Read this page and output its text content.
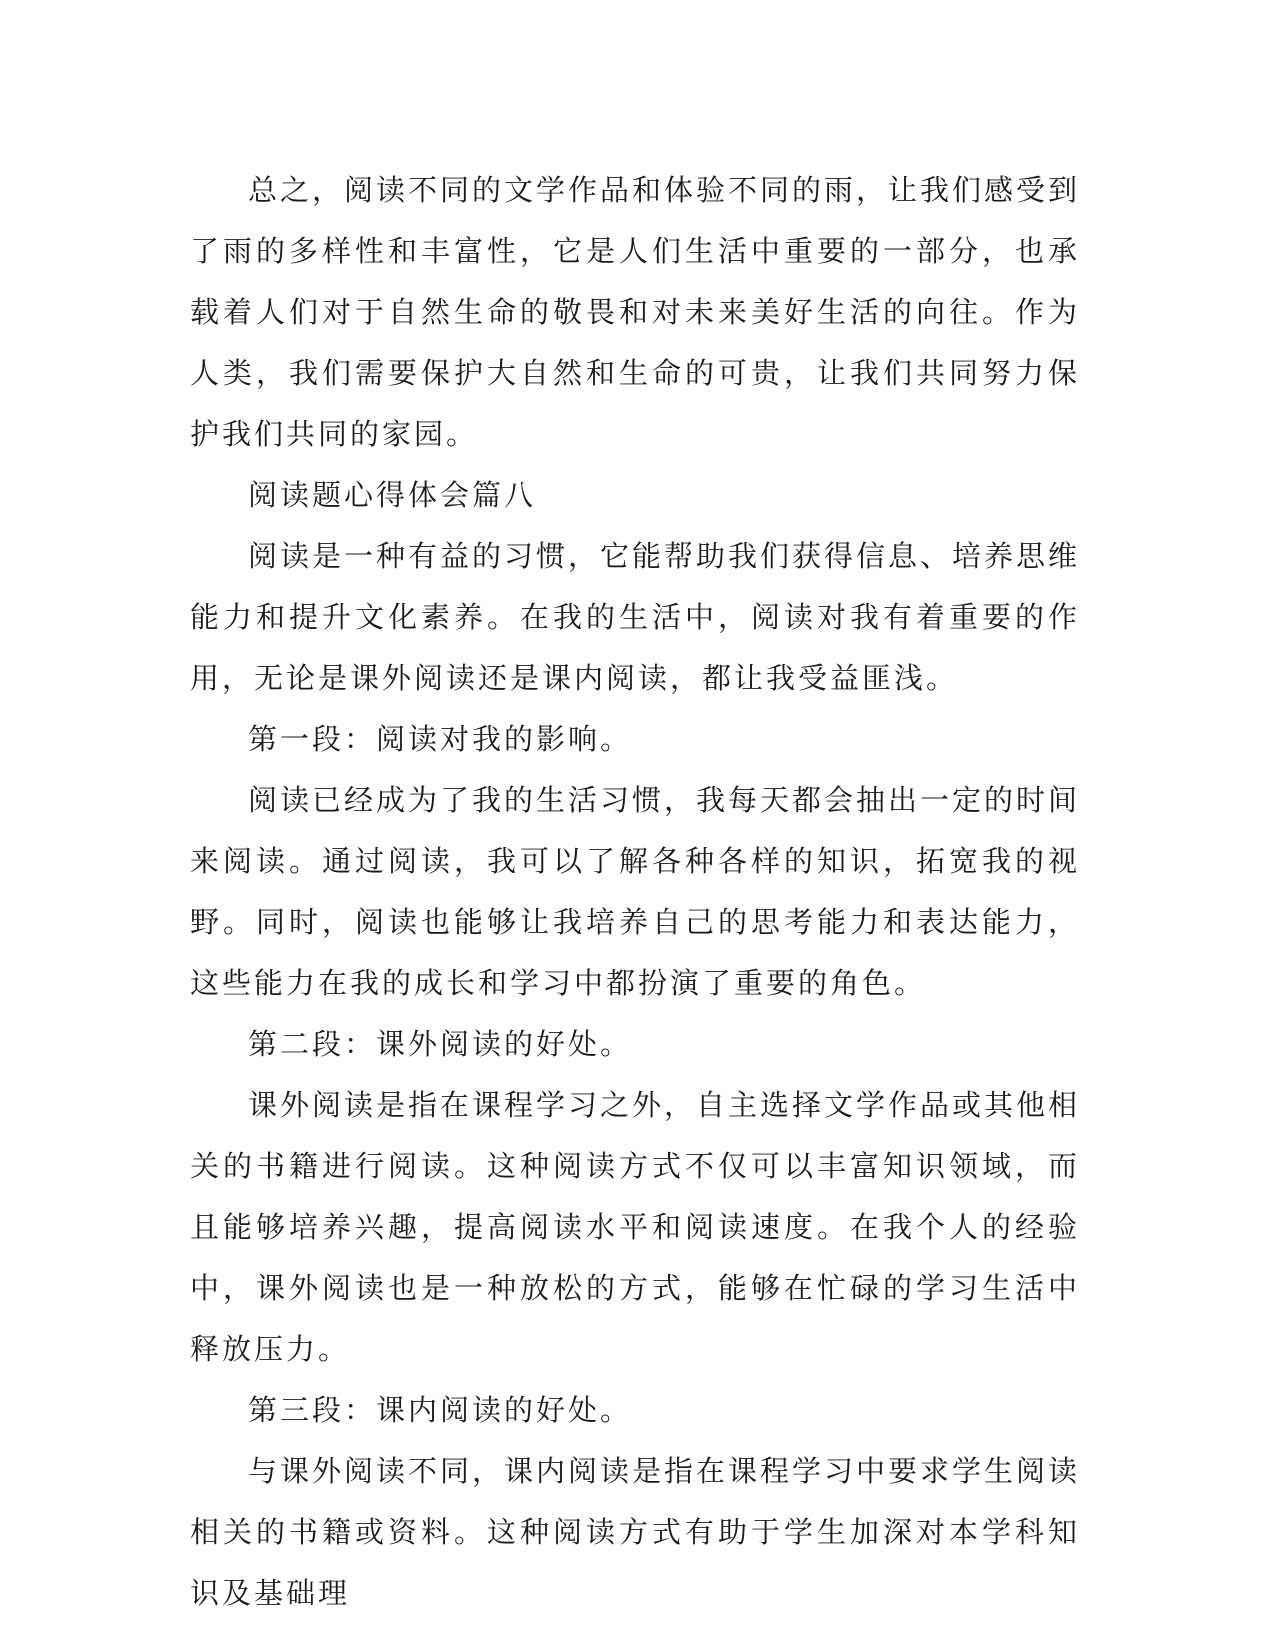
总之，阅读不同的文学作品和体验不同的雨，让我们感受到了雨的多样性和丰富性，它是人们生活中重要的一部分，也承载着人们对于自然生命的敬畏和对未来美好生活的向往。作为人类，我们需要保护大自然和生命的可贵，让我们共同努力保护我们共同的家园。

阅读题心得体会篇八

阅读是一种有益的习惯，它能帮助我们获得信息、培养思维能力和提升文化素养。在我的生活中，阅读对我有着重要的作用，无论是课外阅读还是课内阅读，都让我受益匪浅。

第一段：阅读对我的影响。

阅读已经成为了我的生活习惯，我每天都会抽出一定的时间来阅读。通过阅读，我可以了解各种各样的知识，拓宽我的视野。同时，阅读也能够让我培养自己的思考能力和表达能力，这些能力在我的成长和学习中都扮演了重要的角色。

第二段：课外阅读的好处。

课外阅读是指在课程学习之外，自主选择文学作品或其他相关的书籍进行阅读。这种阅读方式不仅可以丰富知识领域，而且能够培养兴趣，提高阅读水平和阅读速度。在我个人的经验中，课外阅读也是一种放松的方式，能够在忙碌的学习生活中释放压力。

第三段：课内阅读的好处。

与课外阅读不同，课内阅读是指在课程学习中要求学生阅读相关的书籍或资料。这种阅读方式有助于学生加深对本学科知识及基础理
